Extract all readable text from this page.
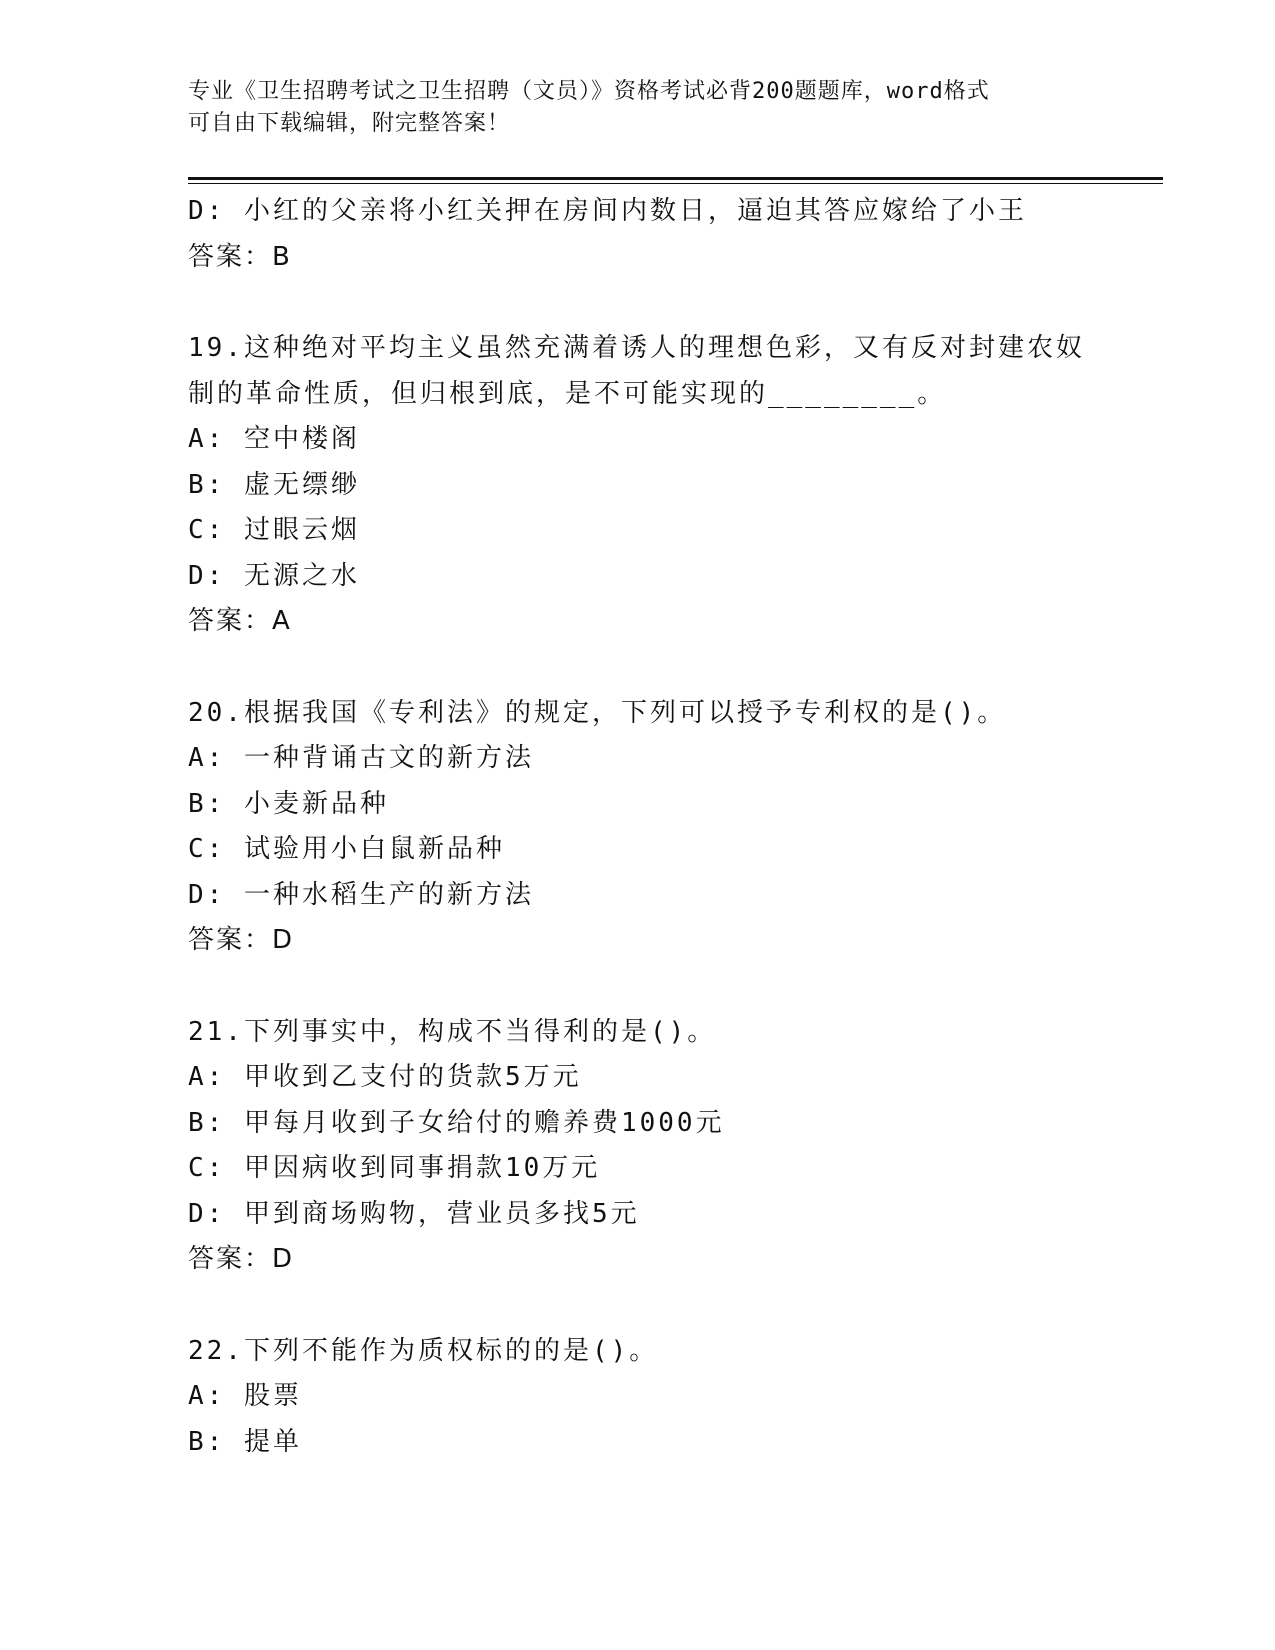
专业《卫生招聘考试之卫生招聘（文员）》资格考试必背200题题库，word格式
可自由下载编辑，附完整答案！
D: 小红的父亲将小红关押在房间内数日，逼迫其答应嫁给了小王
答案：B
19.这种绝对平均主义虽然充满着诱人的理想色彩，又有反对封建农奴
制的革命性质，但归根到底，是不可能实现的________。
A: 空中楼阁
B: 虚无缥缈
C: 过眼云烟
D: 无源之水
答案：A
20.根据我国《专利法》的规定，下列可以授予专利权的是()。
A: 一种背诵古文的新方法
B: 小麦新品种
C: 试验用小白鼠新品种
D: 一种水稻生产的新方法
答案：D
21.下列事实中，构成不当得利的是()。
A: 甲收到乙支付的货款5万元
B: 甲每月收到子女给付的赡养费1000元
C: 甲因病收到同事捐款10万元
D: 甲到商场购物，营业员多找5元
答案：D
22.下列不能作为质权标的的是()。
A: 股票
B: 提单
